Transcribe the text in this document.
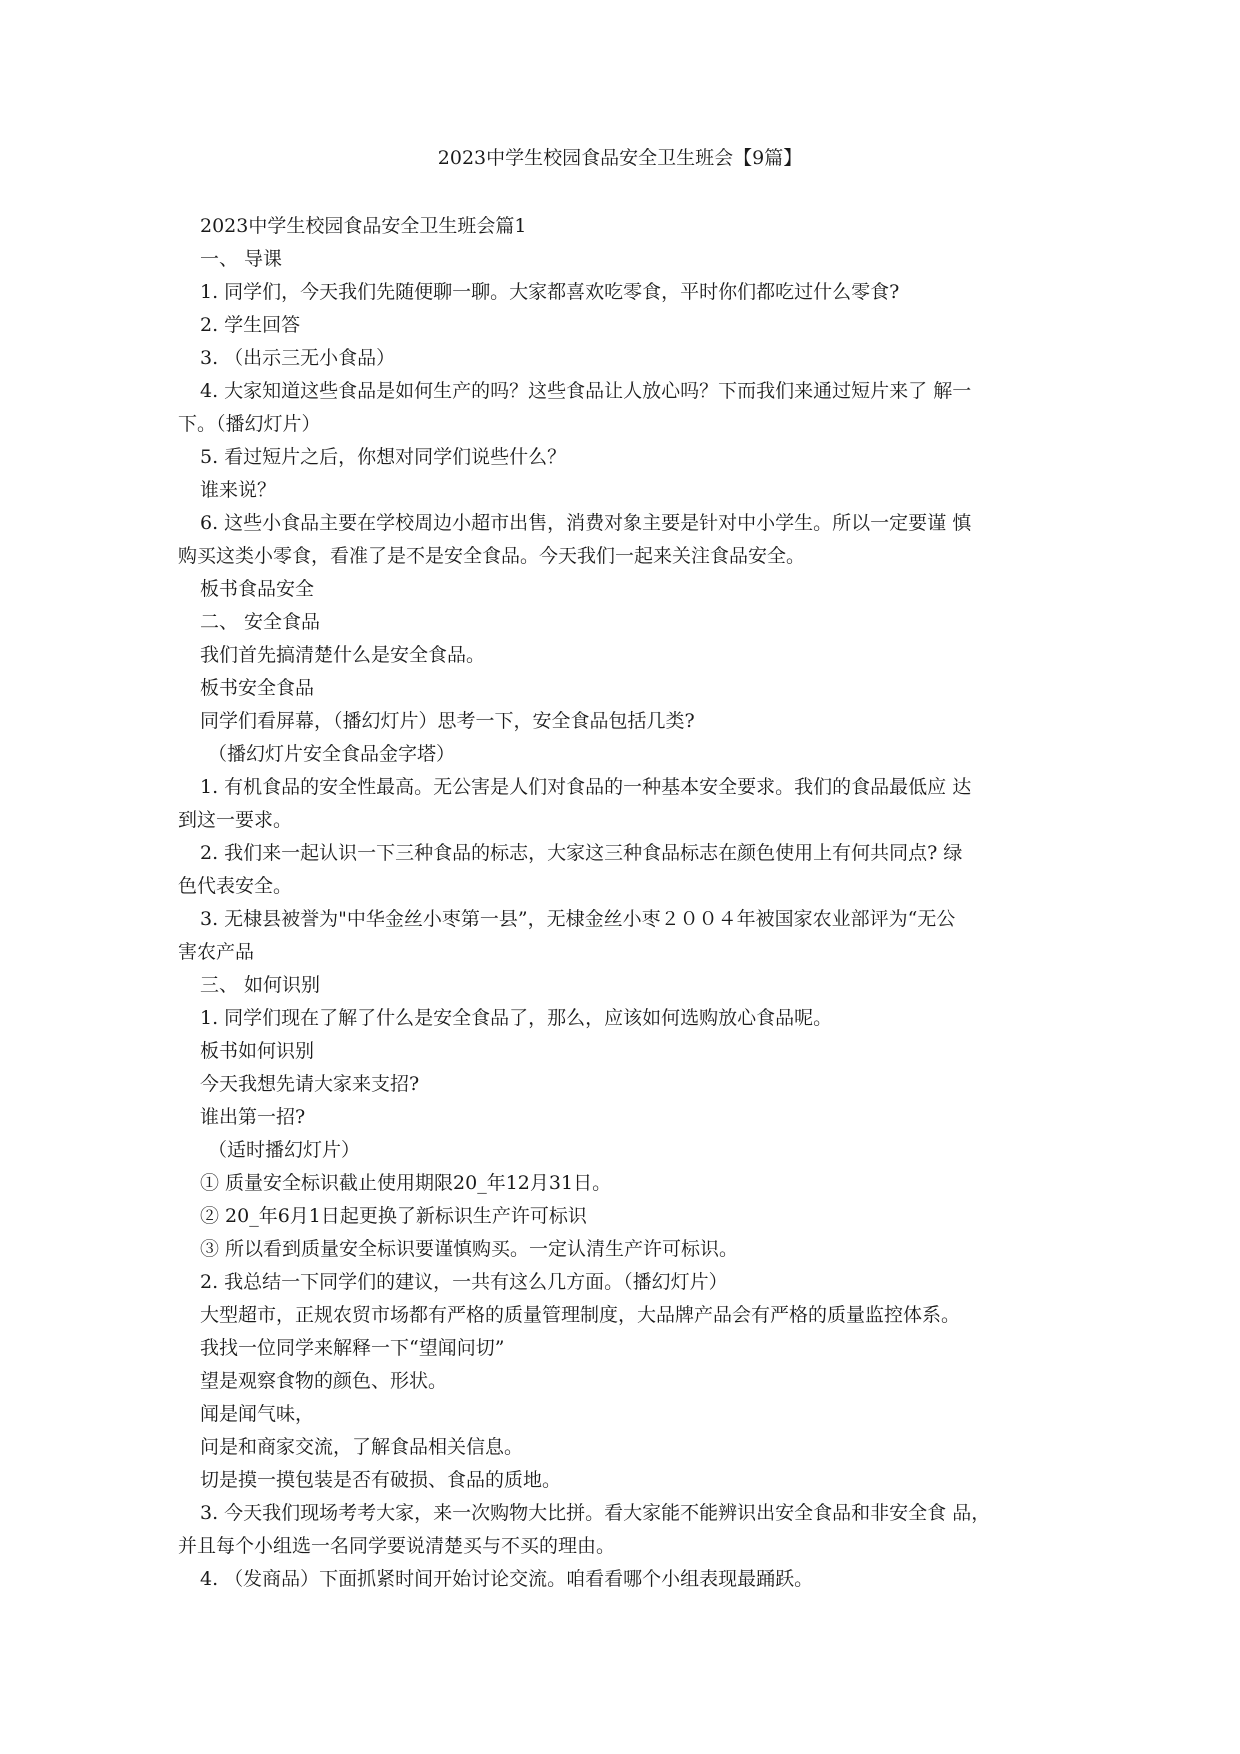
2023中学生校园食品安全卫生班会【9篇】

2023中学生校园食品安全卫生班会篇1

一、 导课

1. 同学们，今天我们先随便聊一聊。大家都喜欢吃零食，平时你们都吃过什么零食?

2. 学生回答

3. （出示三无小食品）

4. 大家知道这些食品是如何生产的吗？这些食品让人放心吗？下而我们来通过短片来了 解一

下。（播幻灯片）

5. 看过短片之后，你想对同学们说些什么？

谁来说？

6. 这些小食品主要在学校周边小超市出售，消费对象主要是针对中小学生。所以一定要谨 慎

购买这类小零食，看准了是不是安全食品。今天我们一起来关注食品安全。

板书食品安全

二、 安全食品

我们首先搞清楚什么是安全食品。

板书安全食品

同学们看屏幕，（播幻灯片）思考一下，安全食品包括几类?

（播幻灯片安全食品金字塔）

1. 有机食品的安全性最高。无公害是人们对食品的一种基本安全要求。我们的食品最低应 达

到这一要求。

2. 我们来一起认识一下三种食品的标志，大家这三种食品标志在颜色使用上有何共同点? 绿

色代表安全。

3. 无棣县被誉为"中华金丝小枣第一县”，无棣金丝小枣２００４年被国家农业部评为“无公

害农产品

三、 如何识别

1. 同学们现在了解了什么是安全食品了，那么，应该如何选购放心食品呢。

板书如何识别

今天我想先请大家来支招?

谁出第一招?

（适时播幻灯片）

① 质量安全标识截止使用期限20_年12月31日。

② 20_年6月1日起更换了新标识生产许可标识

③ 所以看到质量安全标识要谨慎购买。一定认清生产许可标识。

2. 我总结一下同学们的建议，一共有这么几方面。（播幻灯片）

大型超市，正规农贸市场都有严格的质量管理制度，大品牌产品会有严格的质量监控体系。

我找一位同学来解释一下“望闻问切”

望是观察食物的颜色、形状。

闻是闻气味，

问是和商家交流，了解食品相关信息。

切是摸一摸包装是否有破损、食品的质地。

3. 今天我们现场考考大家，来一次购物大比拼。看大家能不能辨识出安全食品和非安全食 品，

并且每个小组选一名同学要说清楚买与不买的理由。

4. （发商品）下面抓紧时间开始讨论交流。咱看看哪个小组表现最踊跃。
